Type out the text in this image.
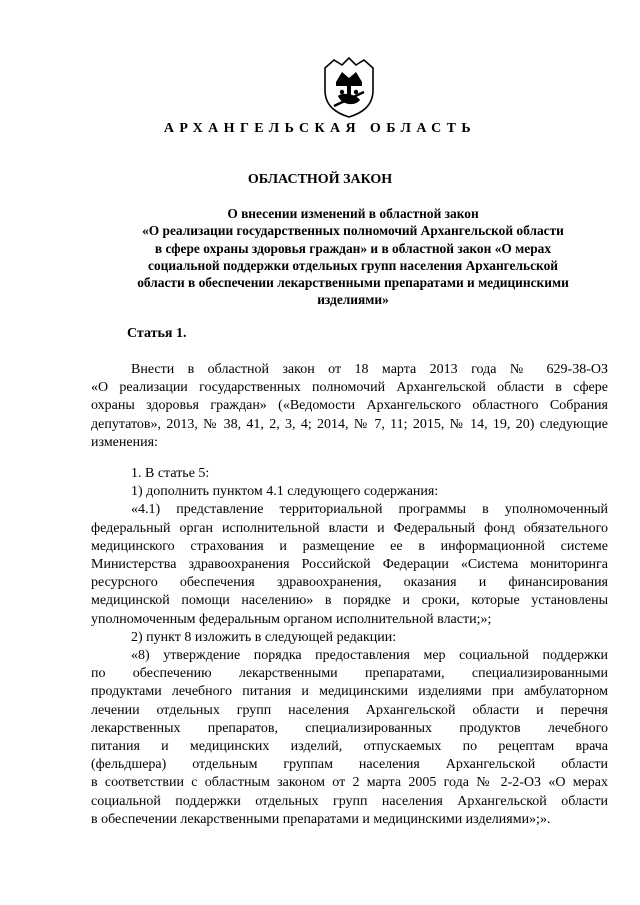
АРХАНГЕЛЬСКАЯ ОБЛАСТЬ
ОБЛАСТНОЙ ЗАКОН
О внесении изменений в областной закон
«О реализации государственных полномочий Архангельской области
в сфере охраны здоровья граждан» и в областной закон «О мерах
социальной поддержки отдельных групп населения Архангельской
области в обеспечении лекарственными препаратами и медицинскими
изделиями»
Статья 1.
Внести в областной закон от 18 марта 2013 года № 629-38-ОЗ
«О реализации государственных полномочий Архангельской области в сфере
охраны здоровья граждан» («Ведомости Архангельского областного Собрания
депутатов», 2013, № 38, 41, 2, 3, 4; 2014, № 7, 11; 2015, № 14, 19, 20) следующие
изменения:
1. В статье 5:
1) дополнить пунктом 4.1 следующего содержания:
«4.1) представление территориальной программы в уполномоченный
федеральный орган исполнительной власти и Федеральный фонд обязательного
медицинского страхования и размещение ее в информационной системе
Министерства здравоохранения Российской Федерации «Система мониторинга
ресурсного обеспечения здравоохранения, оказания и финансирования
медицинской помощи населению» в порядке и сроки, которые установлены
уполномоченным федеральным органом исполнительной власти;»;
2) пункт 8 изложить в следующей редакции:
«8) утверждение порядка предоставления мер социальной поддержки
по обеспечению лекарственными препаратами, специализированными
продуктами лечебного питания и медицинскими изделиями при амбулаторном
лечении отдельных групп населения Архангельской области и перечня
лекарственных препаратов, специализированных продуктов лечебного
питания и медицинских изделий, отпускаемых по рецептам врача
(фельдшера) отдельным группам населения Архангельской области
в соответствии с областным законом от 2 марта 2005 года № 2-2-ОЗ «О мерах
социальной поддержки отдельных групп населения Архангельской области
в обеспечении лекарственными препаратами и медицинскими изделиями»;».
